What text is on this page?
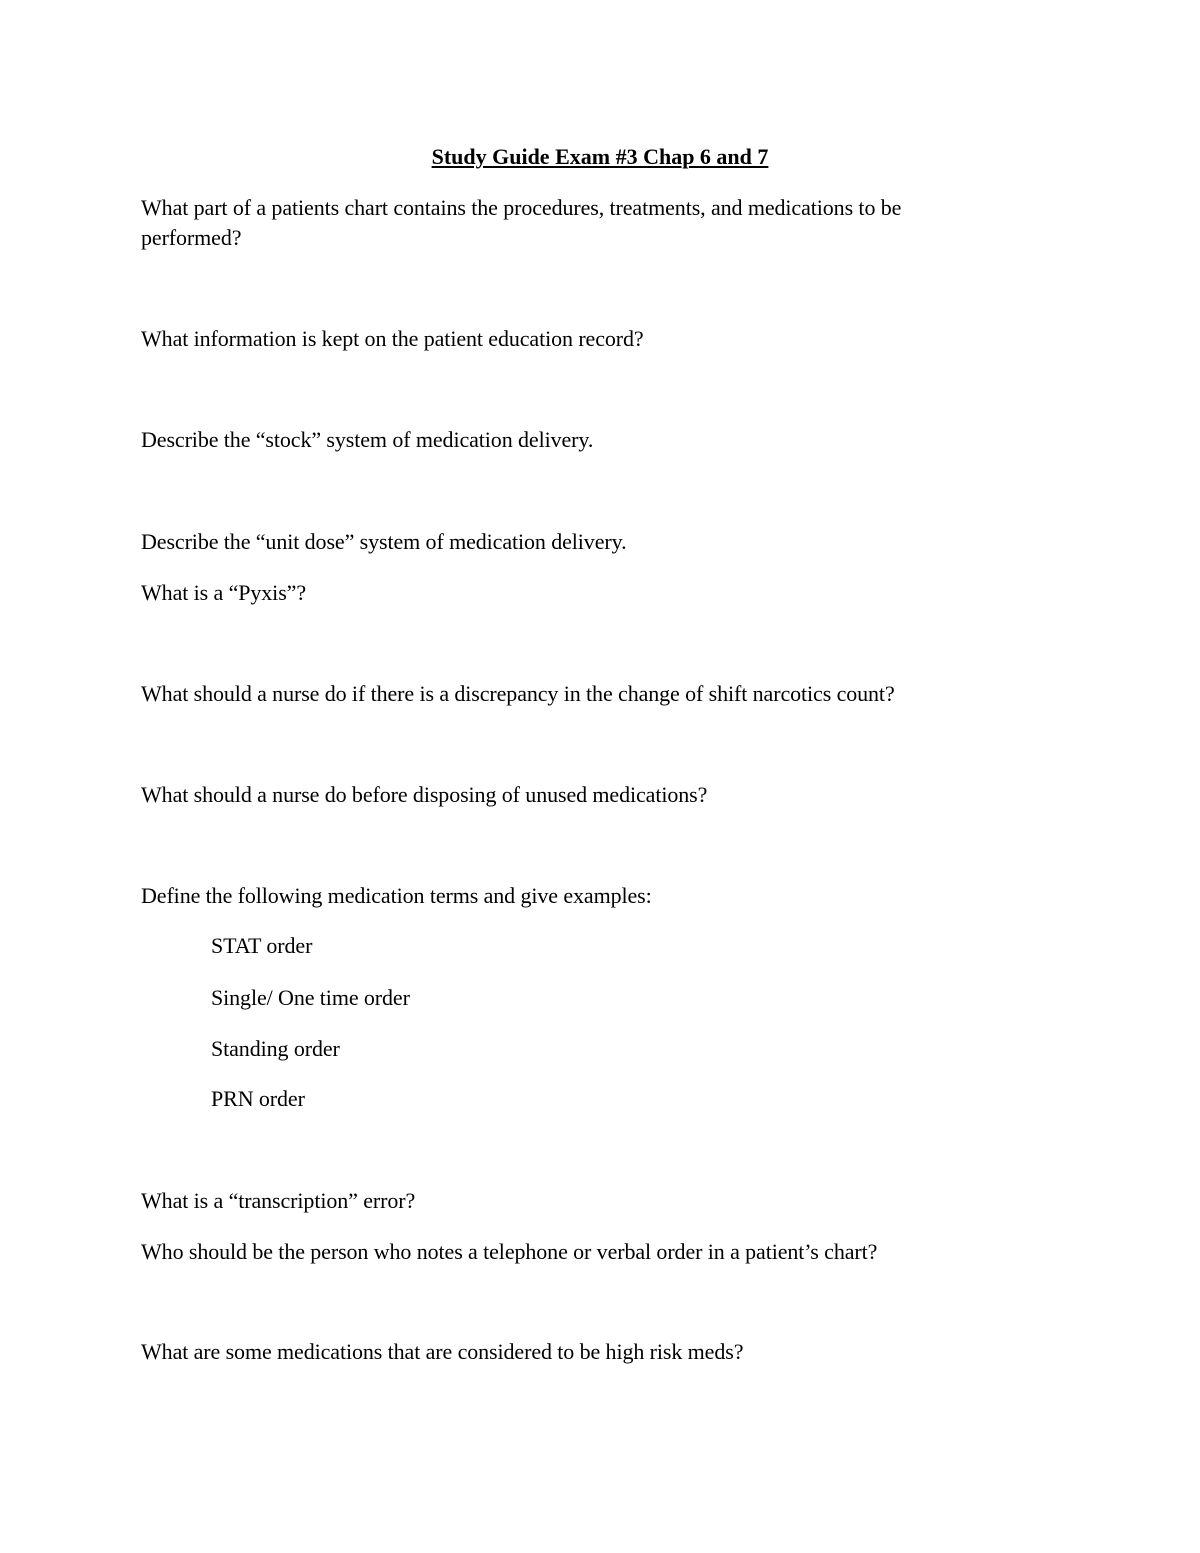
Study Guide Exam #3 Chap 6 and 7
What part of a patients chart contains the procedures, treatments, and medications to be
performed?
What information is kept on the patient education record?
Describe the “stock” system of medication delivery.
Describe the “unit dose” system of medication delivery.
What is a “Pyxis”?
What should a nurse do if there is a discrepancy in the change of shift narcotics count?
What should a nurse do before disposing of unused medications?
Define the following medication terms and give examples:
STAT order
Single/ One time order
Standing order
PRN order
What is a “transcription” error?
Who should be the person who notes a telephone or verbal order in a patient’s chart?
What are some medications that are considered to be high risk meds?
